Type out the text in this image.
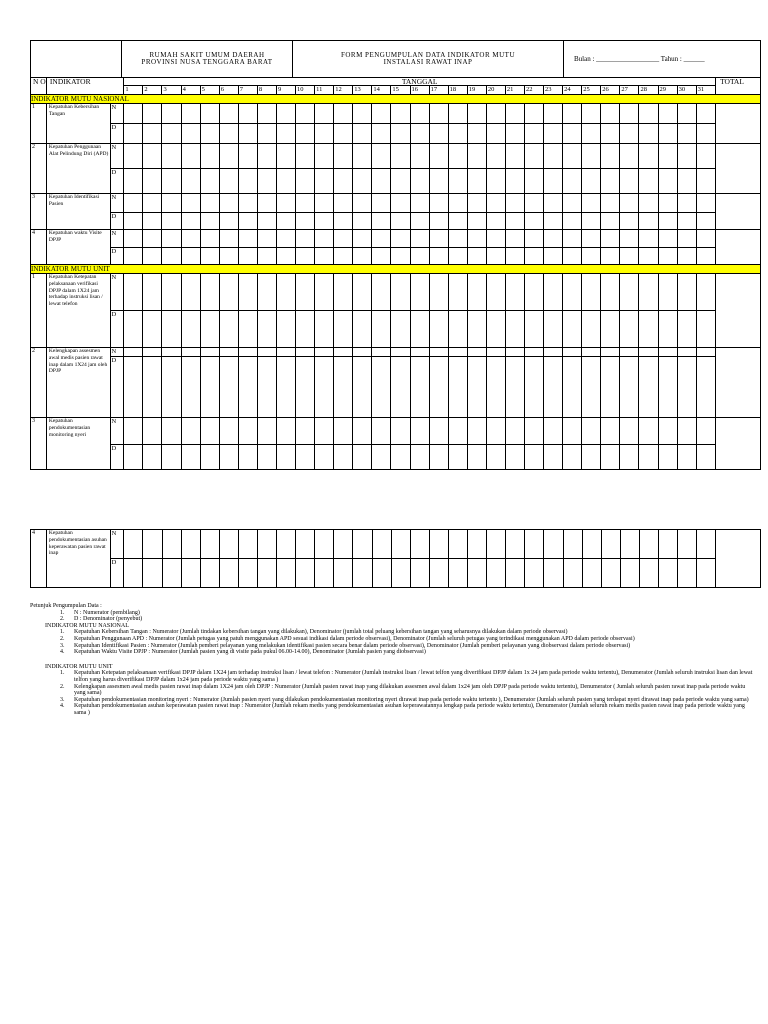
RUMAH SAKIT UMUM DAERAH
PROVINSI NUSA TENGGARA BARAT

FORM PENGUMPULAN DATA INDIKATOR MUTU
INSTALASI RAWAT INAP	Bulan : __________________ Tahun : ______
N O	INDIKATOR		TANGGAL																															TOTAL
			1	2	3	4	5	6	7	8	9	10	11	12	13	14	15	16	17	18	19	20	21	22	23	24	25	26	27	28	29	30	31	
INDIKATOR MUTU NASIONAL																																		
1	Kepatuhan Kebersihan Tangan	N																																
		D																																
2	Kepatuhan Penggunaan Alat Pelindung Diri (APD)	N																																
		D																																
3	Kepatuhan Identifikasi Pasien	N																																
		D																																
4	Kepatuhan waktu Visite DPJP	N																																
		D																																
INDIKATOR MUTU UNIT																																		
1	Kepatuhan Ketepatan pelaksanaan verifikasi DPJP dalam 1X24 jam terhadap instruksi lisan / lewat telefon	N																																
		D																																
2	Kelengkapan assesmen awal medis pasien rawat inap dalam 1X24 jam oleh DPJP	N																																
		D																																
3	Kepatuhan pendokumentasian monitoring nyeri	N																																
		D																																
4	Kepatuhan pendokumentasian asuhan keperawatan pasien rawat inap	N																																
		D																																
Petunjuk Pengumpulan Data :
1.	N : Numerator (pembilang)
2.	D : Denominator (penyebut)
INDIKATOR MUTU NASIONAL
1.	Kepatuhan Kebersihan Tangan : Numerator (Jumlah tindakan kebersihan tangan yang dilakukan), Denominator (jumlah total peluang kebersihan tangan yang seharusnya dilakukan dalam periode observasi)
2.	Kepatuhan Penggunaan APD : Numerator (Jumlah petugas yang patuh menggunakan APD sesuai indikasi dalam periode observasi), Denominator (Jumlah seluruh petugas yang terindikasi menggunakan APD dalam periode observasi)
3.	Kepatuhan Identifikasi Pasien : Numerator (Jumlah pemberi pelayanan yang melakukan identifikasi pasien secara benar dalam periode observasi), Denominator (Jumlah pemberi pelayanan yang diobservasi dalam periode observasi)
4.	Kepatuhan Waktu Visite DPJP : Numerator (Jumlah pasien yang di visite pada pukul 06.00-14.00), Denominator (Jumlah pasien yang diobservasi)
INDIKATOR MUTU UNIT
1.	Kepatuhan Ketepatan pelaksanaan verifikasi DPJP dalam 1X24 jam terhadap instruksi lisan / lewat telefon : Numerator (Jumlah instruksi lisan / lewat telfon yang diverifikasi DPJP dalam 1x 24 jam pada periode waktu tertentu), Denumerator (Jumlah seluruh instruksi lisan dan lewat telfon yang harus diverifikasi DPJP dalam 1x24 jam pada periode waktu yang sama )
2.	Kelengkapan assesmen awal medis pasien rawat inap dalam 1X24 jam oleh DPJP : Numerator (Jumlah pasien rawat inap yang dilakukan assesmen awal dalam 1x24 jam oleh DPJP pada periode waktu tertentu), Denumerator ( Jumlah seluruh pasien rawat inap pada periode waktu yang sama)
3.	Kepatuhan pendokumentasian monitoring nyeri : Numerator (Jumlah pasien nyeri yang dilakukan pendokumentasian monitoring nyeri dirawat inap pada periode waktu tertentu ), Denumerator (Jumlah seluruh pasien yang terdapat nyeri dirawat inap pada periode waktu yang sama)
4.	Kepatuhan pendokumentasian asuhan keperawatan pasien rawat inap : Numerator (Jumlah rekam medis yang pendokumentasian asuhan keperawatannya lengkap pada periode waktu tertentu), Denumerator (Jumlah seluruh rekam medis pasien rawat inap pada periode waktu yang sama )
